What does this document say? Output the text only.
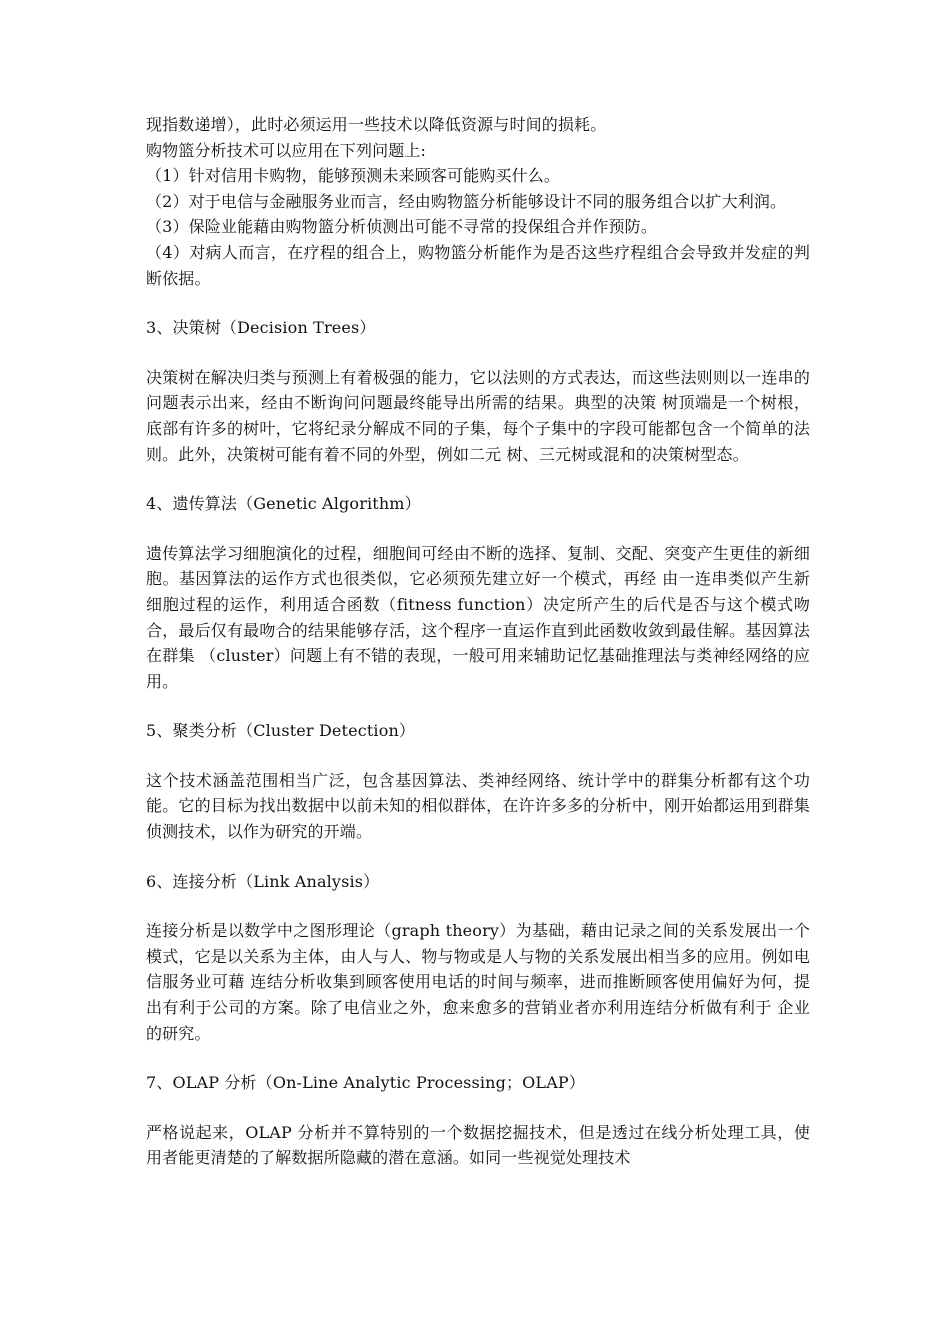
现指数递增），此时必须运用一些技术以降低资源与时间的损耗。

购物篮分析技术可以应用在下列问题上:

（1）针对信用卡购物，能够预测未来顾客可能购买什么。

（2）对于电信与金融服务业而言，经由购物篮分析能够设计不同的服务组合以扩大利润。

（3）保险业能藉由购物篮分析侦测出可能不寻常的投保组合并作预防。

（4）对病人而言，在疗程的组合上，购物篮分析能作为是否这些疗程组合会导致并发症的判断依据。

3、决策树（Decision Trees）

决策树在解决归类与预测上有着极强的能力，它以法则的方式表达，而这些法则则以一连串的问题表示出来，经由不断询问问题最终能导出所需的结果。典型的决策 树顶端是一个树根，底部有许多的树叶，它将纪录分解成不同的子集，每个子集中的字段可能都包含一个简单的法则。此外，决策树可能有着不同的外型，例如二元 树、三元树或混和的决策树型态。

4、遗传算法（Genetic Algorithm）

遗传算法学习细胞演化的过程，细胞间可经由不断的选择、复制、交配、突变产生更佳的新细胞。基因算法的运作方式也很类似，它必须预先建立好一个模式，再经 由一连串类似产生新细胞过程的运作，利用适合函数（fitness function）决定所产生的后代是否与这个模式吻合，最后仅有最吻合的结果能够存活，这个程序一直运作直到此函数收敛到最佳解。基因算法在群集 （cluster）问题上有不错的表现，一般可用来辅助记忆基础推理法与类神经网络的应用。

5、聚类分析（Cluster Detection）

这个技术涵盖范围相当广泛，包含基因算法、类神经网络、统计学中的群集分析都有这个功能。它的目标为找出数据中以前未知的相似群体，在许许多多的分析中，刚开始都运用到群集侦测技术，以作为研究的开端。

6、连接分析（Link Analysis）

连接分析是以数学中之图形理论（graph theory）为基础，藉由记录之间的关系发展出一个模式，它是以关系为主体，由人与人、物与物或是人与物的关系发展出相当多的应用。例如电信服务业可藉 连结分析收集到顾客使用电话的时间与频率，进而推断顾客使用偏好为何，提出有利于公司的方案。除了电信业之外，愈来愈多的营销业者亦利用连结分析做有利于 企业的研究。

7、OLAP 分析（On-Line Analytic Processing；OLAP）

严格说起来，OLAP 分析并不算特别的一个数据挖掘技术，但是透过在线分析处理工具，使用者能更清楚的了解数据所隐藏的潜在意涵。如同一些视觉处理技术
